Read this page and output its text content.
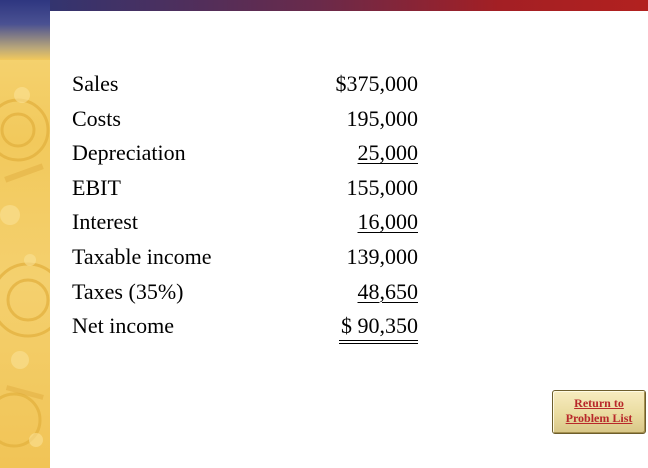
Sales	$375,000
Costs	195,000
Depreciation	25,000
EBIT	155,000
Interest	16,000
Taxable income	139,000
Taxes (35%)	48,650
Net income	$ 90,350
Return to
Problem List
